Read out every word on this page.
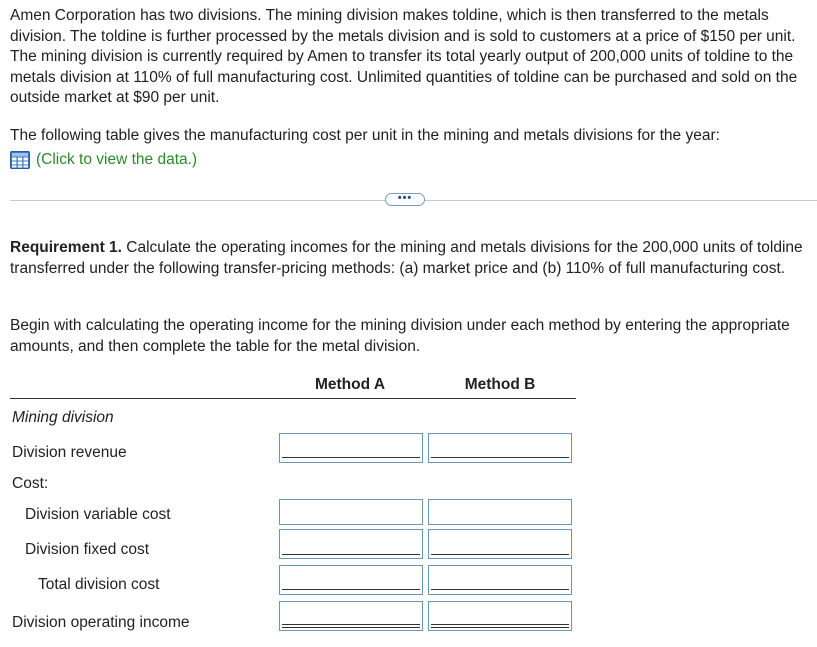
Amen Corporation has two divisions. The mining division makes toldine, which is then transferred to the metals division. The toldine is further processed by the metals division and is sold to customers at a price of $150 per unit. The mining division is currently required by Amen to transfer its total yearly output of 200,000 units of toldine to the metals division at 110% of full manufacturing cost. Unlimited quantities of toldine can be purchased and sold on the outside market at $90 per unit.

The following table gives the manufacturing cost per unit in the mining and metals divisions for the year:

(Click to view the data.)
•••

Requirement 1. Calculate the operating incomes for the mining and metals divisions for the 200,000 units of toldine transferred under the following transfer-pricing methods: (a) market price and (b) 110% of full manufacturing cost.

Begin with calculating the operating income for the mining division under each method by entering the appropriate amounts, and then complete the table for the metal division.

Method A	Method B
Mining division
Division revenue
Cost:
Division variable cost
Division fixed cost
Total division cost
Division operating income
